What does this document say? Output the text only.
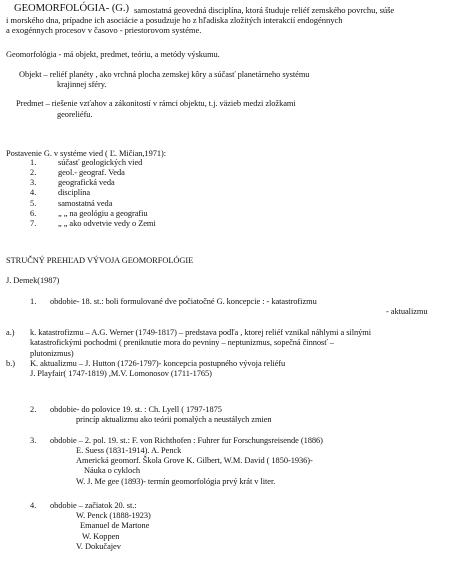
GEOMORFOLÓGIA- (G.) samostatná geovedná disciplína, ktorá študuje reliéf zemského povrchu, súše
i morského dna, prípadne ich asociácie a posudzuje ho z hľadiska zložitých interakcií endogénnych
a exogénnych procesov v časovo - priestorovom systéme.
Geomorfológia - má objekt, predmet, teóriu, a metódy výskumu.
Objekt – reliéf planéty , ako vrchná plocha zemskej kôry a súčasť planetárneho systému
krajinnej sféry.
Predmet – riešenie vzťahov a zákonitostí v rámci objektu, t.j. väzieb medzi zložkami
georeliéfu.
Postavenie G. v systéme vied ( Ľ. Mičian,1971):
1.	súčasť geologických vied
2.	geol.- geograf. Veda
3.	geografická veda
4.	disciplína
5.	samostatná veda
6.	„ „ na geológiu a geografiu
7.	„ „ ako odvetvie vedy o Zemi
STRUČNÝ PREHĽAD VÝVOJA GEOMORFOLÓGIE
J. Demek(1987)
1. obdobie- 18. st.: boli formulované dve počiatočné G. koncepcie : - katastrofizmu
- aktualizmu
a.) k. katastrofizmu – A.G. Werner (1749-1817) – predstava podľa , ktorej reliéf vznikal náhlymi a silnými
katastrofickými pochodmi ( preniknutie mora do pevniny – neptunizmus, sopečná činnosť –
plutonizmus)
b.) K. aktualizmu – J. Hutton (1726-1797)- koncepcia postupného vývoja reliéfu
J. Playfair( 1747-1819) ,M.V. Lomonosov (1711-1765)
2. obdobie- do polovice 19. st. : Ch. Lyell ( 1797-1875
princíp aktualizmu ako teórii pomalých a neustálych zmien
3. obdobie – 2. pol. 19. st.: F. von Richthofen : Fuhrer fur Forschungsreisende (1886)
E. Suess (1831-1914). A. Penck
Americká geomorf. Škola Grove K. Gilbert, W.M. David ( 1850-1936)-
Náuka o cykloch
W. J. Me gee (1893)- termín geomorfológia prvý krát v liter.
4. obdobie – začiatok 20. st.:
W. Penck (1888-1923)
Emanuel de Martone
W. Koppen
V. Dokučajev
